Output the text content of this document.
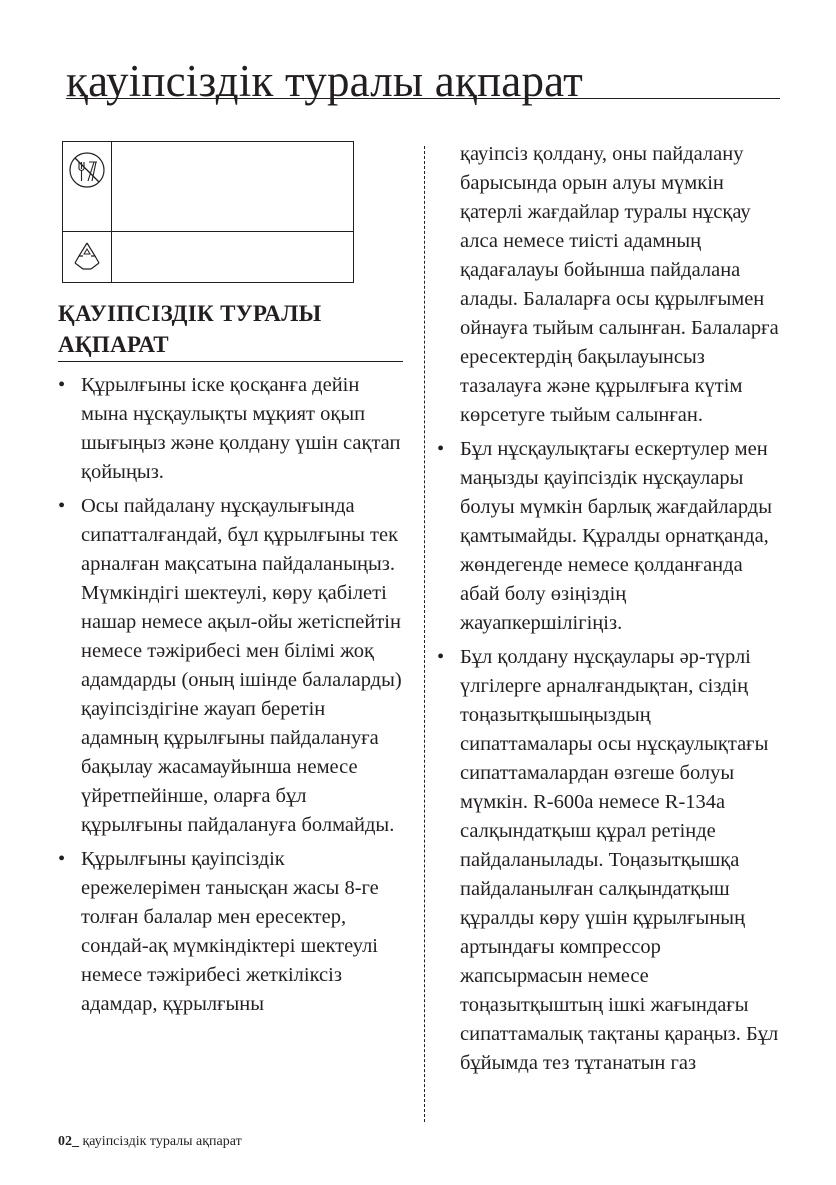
қауіпсіздік туралы ақпарат
ҚАУІПСІЗДІК ТУРАЛЫ
АҚПАРАТ
• Құрылғыны іске қосқанға дейін мына нұсқаулықты мұқият оқып шығыңыз және қолдану үшін сақтап қойыңыз.
• Осы пайдалану нұсқаулығында сипатталғандай, бұл құрылғыны тек арналған мақсатына пайдаланыңыз. Мүмкіндігі шектеулі, көру қабілеті нашар немесе ақыл-ойы жетіспейтін немесе тәжірибесі мен білімі жоқ адамдарды (оның ішінде балаларды) қауіпсіздігіне жауап беретін адамның құрылғыны пайдалануға бақылау жасамауйынша немесе үйретпейінше, оларға бұл құрылғыны пайдалануға болмайды.
• Құрылғыны қауіпсіздік ережелерімен танысқан жасы 8-ге толған балалар мен ересектер, сондай-ақ мүмкіндіктері шектеулі немесе тәжірибесі жеткіліксіз адамдар, құрылғыны
қауіпсіз қолдану, оны пайдалану барысында орын алуы мүмкін қатерлі жағдайлар туралы нұсқау алса немесе тиісті адамның қадағалауы бойынша пайдалана алады. Балаларға осы құрылғымен ойнауға тыйым салынған. Балаларға ересектердің бақылауынсыз тазалауға және құрылғыға күтім көрсетуге тыйым салынған.
• Бұл нұсқаулықтағы ескертулер мен маңызды қауіпсіздік нұсқаулары болуы мүмкін барлық жағдайларды қамтымайды. Құралды орнатқанда, жөндегенде немесе қолданғанда абай болу өзіңіздің жауапкершілігіңіз.
• Бұл қолдану нұсқаулары әр-түрлі үлгілерге арналғандықтан, сіздің тоңазытқышыңыздың сипаттамалары осы нұсқаулықтағы сипаттамалардан өзгеше болуы мүмкін. R-600a немесе R-134a салқындатқыш құрал ретінде пайдаланылады. Тоңазытқышқа пайдаланылған салқындатқыш құралды көру үшін құрылғының артындағы компрессор жапсырмасын немесе тоңазытқыштың ішкі жағындағы сипаттамалық тақтаны қараңыз. Бұл бұйымда тез тұтанатын газ
02_ қауіпсіздік туралы ақпарат
